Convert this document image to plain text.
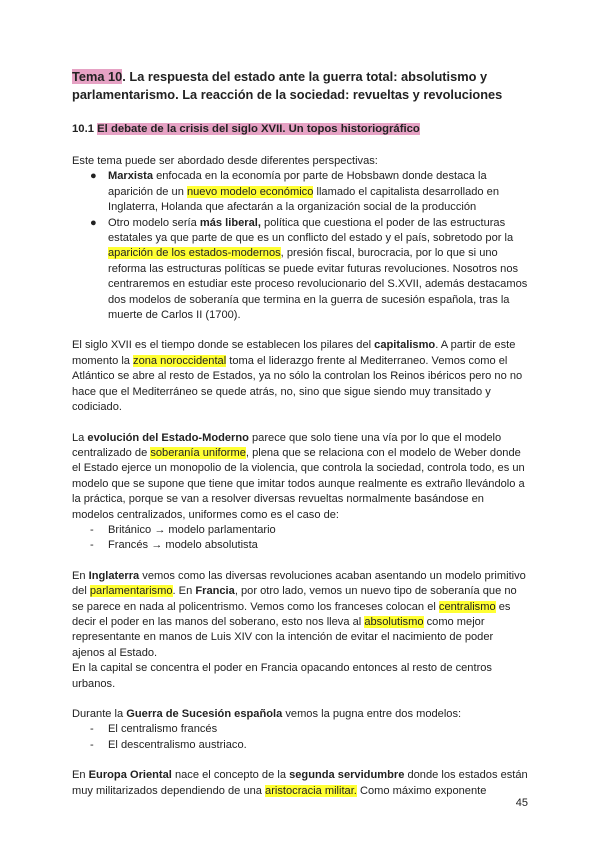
Tema 10. La respuesta del estado ante la guerra total: absolutismo y
parlamentarismo. La reacción de la sociedad: revueltas y revoluciones

10.1 El debate de la crisis del siglo XVII. Un topos historiográfico

Este tema puede ser abordado desde diferentes perspectivas:

● Marxista enfocada en la economía por parte de Hobsbawn donde destaca la aparición de un nuevo modelo económico llamado el capitalista desarrollado en Inglaterra, Holanda que afectarán a la organización social de la producción
● Otro modelo sería más liberal, política que cuestiona el poder de las estructuras estatales ya que parte de que es un conflicto del estado y el país, sobretodo por la aparición de los estados-modernos, presión fiscal, burocracia, por lo que si uno reforma las estructuras políticas se puede evitar futuras revoluciones. Nosotros nos centraremos en estudiar este proceso revolucionario del S.XVII, además destacamos dos modelos de soberanía que termina en la guerra de sucesión española, tras la muerte de Carlos II (1700).

El siglo XVII es el tiempo donde se establecen los pilares del capitalismo. A partir de este momento la zona noroccidental toma el liderazgo frente al Mediterraneo. Vemos como el Atlántico se abre al resto de Estados, ya no sólo la controlan los Reinos ibéricos pero no no hace que el Mediterráneo se quede atrás, no, sino que sigue siendo muy transitado y codiciado.

La evolución del Estado-Moderno parece que solo tiene una vía por lo que el modelo centralizado de soberanía uniforme, plena que se relaciona con el modelo de Weber donde el Estado ejerce un monopolio de la violencia, que controla la sociedad, controla todo, es un modelo que se supone que tiene que imitar todos aunque realmente es extraño llevándolo a la práctica, porque se van a resolver diversas revueltas normalmente basándose en modelos centralizados, uniformes como es el caso de:

- Británico → modelo parlamentario
- Francés → modelo absolutista

En Inglaterra vemos como las diversas revoluciones acaban asentando un modelo primitivo del parlamentarismo. En Francia, por otro lado, vemos un nuevo tipo de soberanía que no se parece en nada al policentrismo. Vemos como los franceses colocan el centralismo es decir el poder en las manos del soberano, esto nos lleva al absolutismo como mejor representante en manos de Luis XIV con la intención de evitar el nacimiento de poder ajenos al Estado.

En la capital se concentra el poder en Francia opacando entonces al resto de centros urbanos.

Durante la Guerra de Sucesión española vemos la pugna entre dos modelos:

- El centralismo francés
- El descentralismo austriaco.

En Europa Oriental nace el concepto de la segunda servidumbre donde los estados están muy militarizados dependiendo de una aristocracia militar. Como máximo exponente

45
